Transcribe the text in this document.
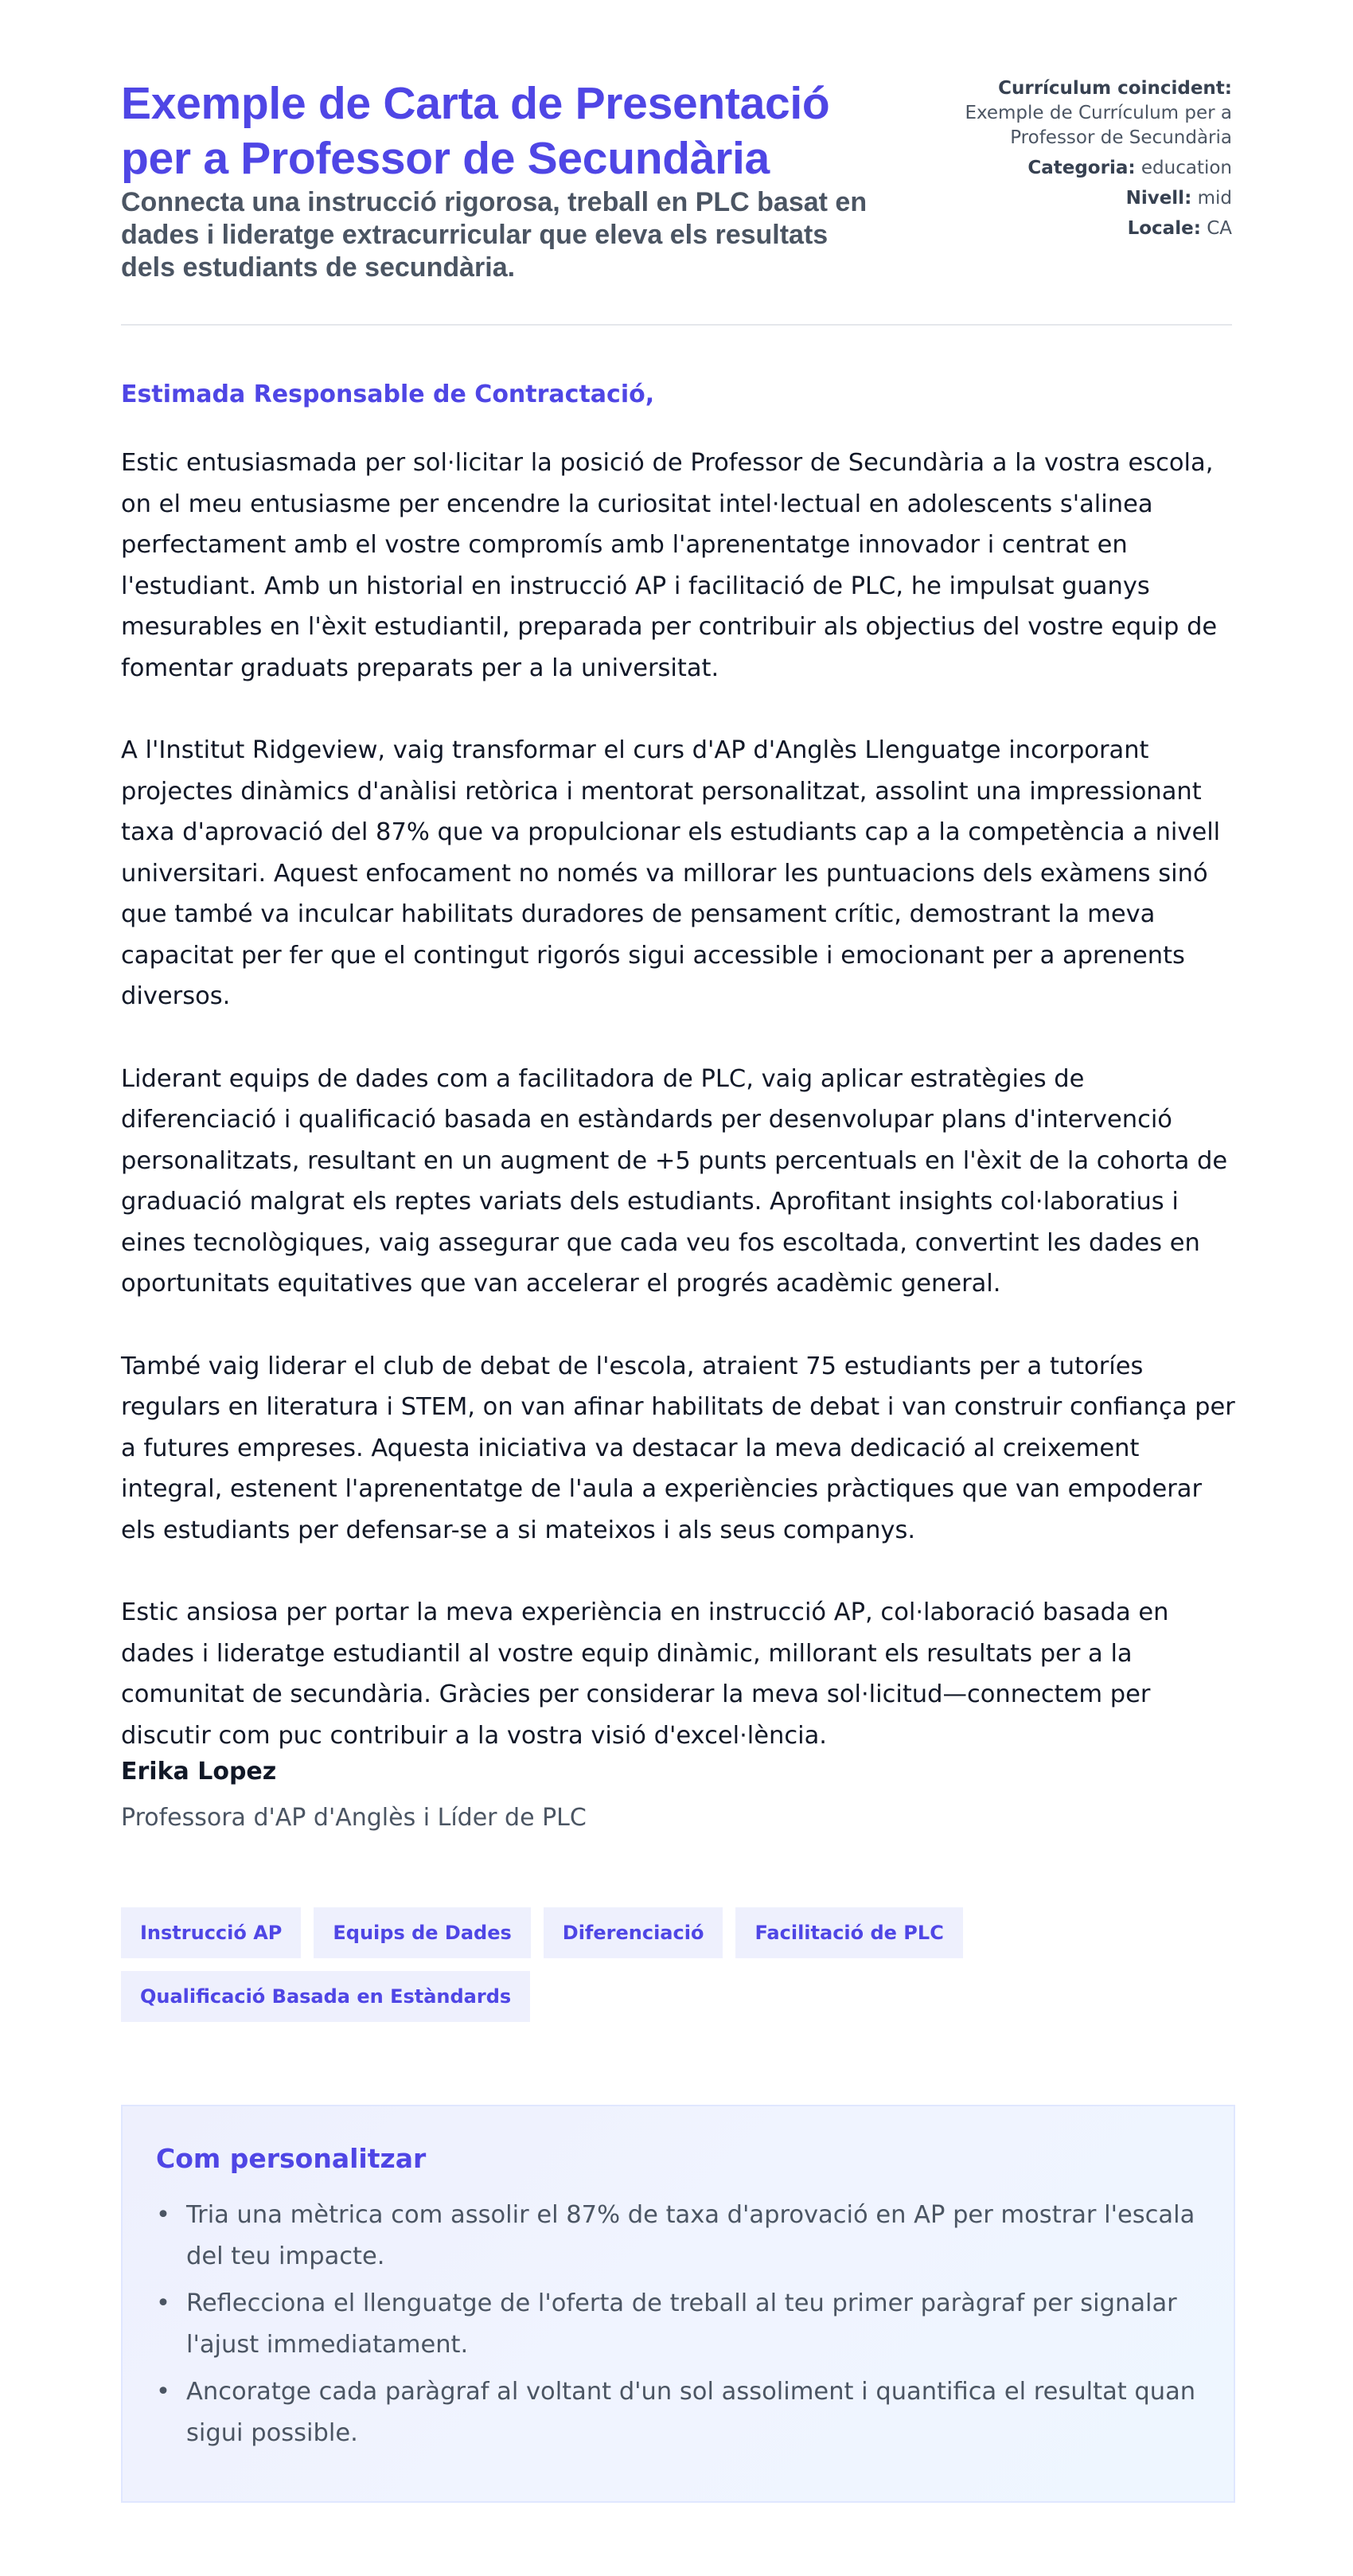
Exemple de Carta de Presentació per a Professor de Secundària
Connecta una instrucció rigorosa, treball en PLC basat en dades i lideratge extracurricular que eleva els resultats dels estudiants de secundària.
Currículum coincident:
Exemple de Currículum per a Professor de Secundària
Categoria: education
Nivell: mid
Locale: CA
Estimada Responsable de Contractació,

Estic entusiasmada per sol·licitar la posició de Professor de Secundària a la vostra escola, on el meu entusiasme per encendre la curiositat intel·lectual en adolescents s'alinea perfectament amb el vostre compromís amb l'aprenentatge innovador i centrat en l'estudiant. Amb un historial en instrucció AP i facilitació de PLC, he impulsat guanys mesurables en l'èxit estudiantil, preparada per contribuir als objectius del vostre equip de fomentar graduats preparats per a la universitat.

A l'Institut Ridgeview, vaig transformar el curs d'AP d'Anglès Llenguatge incorporant projectes dinàmics d'anàlisi retòrica i mentorat personalitzat, assolint una impressionant taxa d'aprovació del 87% que va propulcionar els estudiants cap a la competència a nivell universitari. Aquest enfocament no només va millorar les puntuacions dels exàmens sinó que també va inculcar habilitats duradores de pensament crític, demostrant la meva capacitat per fer que el contingut rigorós sigui accessible i emocionant per a aprenents diversos.

Liderant equips de dades com a facilitadora de PLC, vaig aplicar estratègies de diferenciació i qualificació basada en estàndards per desenvolupar plans d'intervenció personalitzats, resultant en un augment de +5 punts percentuals en l'èxit de la cohorta de graduació malgrat els reptes variats dels estudiants. Aprofitant insights col·laboratius i eines tecnològiques, vaig assegurar que cada veu fos escoltada, convertint les dades en oportunitats equitatives que van accelerar el progrés acadèmic general.

També vaig liderar el club de debat de l'escola, atraient 75 estudiants per a tutoríes regulars en literatura i STEM, on van afinar habilitats de debat i van construir confiança per a futures empreses. Aquesta iniciativa va destacar la meva dedicació al creixement integral, estenent l'aprenentatge de l'aula a experiències pràctiques que van empoderar els estudiants per defensar-se a si mateixos i als seus companys.

Estic ansiosa per portar la meva experiència en instrucció AP, col·laboració basada en dades i lideratge estudiantil al vostre equip dinàmic, millorant els resultats per a la comunitat de secundària. Gràcies per considerar la meva sol·licitud—connectem per discutir com puc contribuir a la vostra visió d'excel·lència.

Erika Lopez
Professora d'AP d'Anglès i Líder de PLC
Instrucció AP	Equips de Dades	Diferenciació	Facilitació de PLC
Qualificació Basada en Estàndards
Com personalitzar
• Tria una mètrica com assolir el 87% de taxa d'aprovació en AP per mostrar l'escala del teu impacte.
• Reflecciona el llenguatge de l'oferta de treball al teu primer paràgraf per signalar l'ajust immediatament.
• Ancoratge cada paràgraf al voltant d'un sol assoliment i quantifica el resultat quan sigui possible.
